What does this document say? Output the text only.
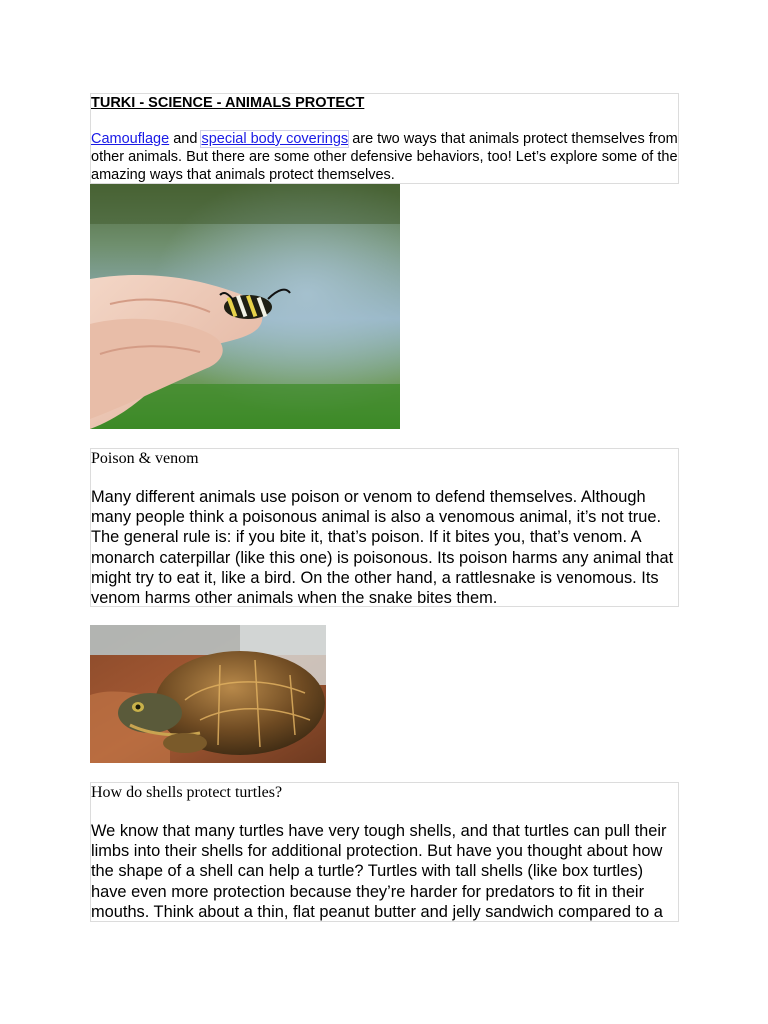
TURKI - SCIENCE - ANIMALS PROTECT
Camouflage and special body coverings are two ways that animals protect themselves from other animals. But there are some other defensive behaviors, too! Let’s explore some of the amazing ways that animals protect themselves.
Poison & venom
Many different animals use poison or venom to defend themselves. Although many people think a poisonous animal is also a venomous animal, it’s not true. The general rule is: if you bite it, that’s poison. If it bites you, that’s venom. A monarch caterpillar (like this one) is poisonous. Its poison harms any animal that might try to eat it, like a bird. On the other hand, a rattlesnake is venomous. Its venom harms other animals when the snake bites them.
How do shells protect turtles?
We know that many turtles have very tough shells, and that turtles can pull their limbs into their shells for additional protection. But have you thought about how the shape of a shell can help a turtle? Turtles with tall shells (like box turtles) have even more protection because they’re harder for predators to fit in their mouths. Think about a thin, flat peanut butter and jelly sandwich compared to a
